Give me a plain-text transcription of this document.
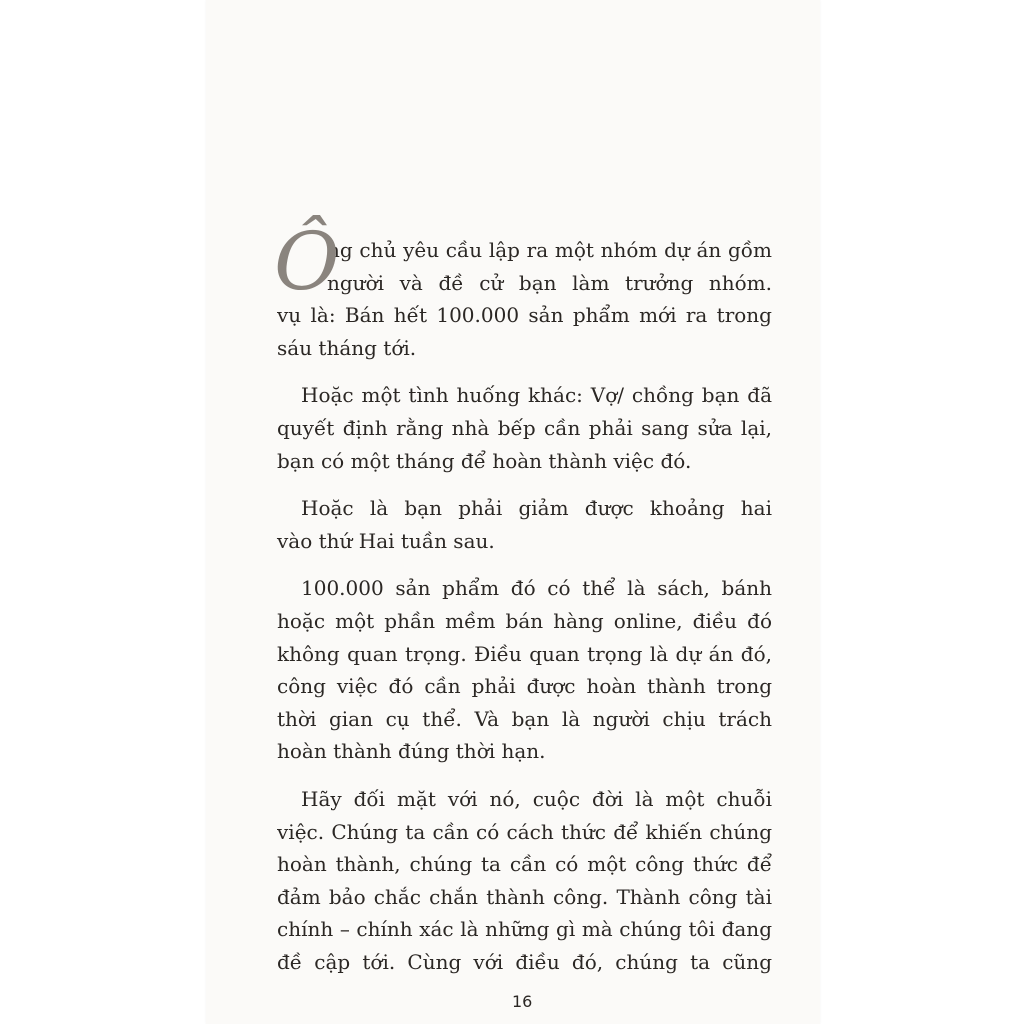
Ô
ng chủ yêu cầu lập ra một nhóm dự án gồm
người và đề cử bạn làm trưởng nhóm.
vụ là: Bán hết 100.000 sản phẩm mới ra trong
sáu tháng tới.
Hoặc một tình huống khác: Vợ/ chồng bạn đã
quyết định rằng nhà bếp cần phải sang sửa lại,
bạn có một tháng để hoàn thành việc đó.
Hoặc là bạn phải giảm được khoảng hai
vào thứ Hai tuần sau.
100.000 sản phẩm đó có thể là sách, bánh
hoặc một phần mềm bán hàng online, điều đó
không quan trọng. Điều quan trọng là dự án đó,
công việc đó cần phải được hoàn thành trong
thời gian cụ thể. Và bạn là người chịu trách
hoàn thành đúng thời hạn.
Hãy đối mặt với nó, cuộc đời là một chuỗi
việc. Chúng ta cần có cách thức để khiến chúng
hoàn thành, chúng ta cần có một công thức để
đảm bảo chắc chắn thành công. Thành công tài
chính – chính xác là những gì mà chúng tôi đang
đề cập tới. Cùng với điều đó, chúng ta cũng
16
